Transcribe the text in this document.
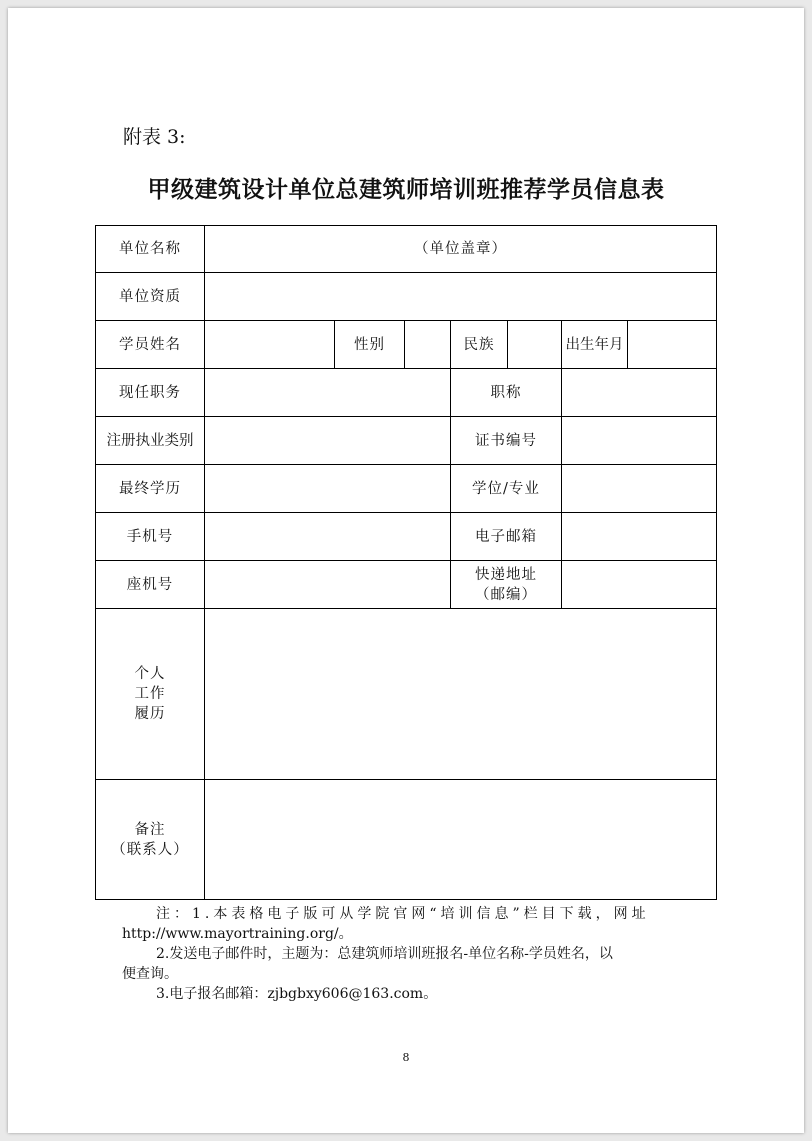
附表 3:
甲级建筑设计单位总建筑师培训班推荐学员信息表
单位名称	（单位盖章）						
单位资质							
学员姓名		性别		民族		出生年月	
现任职务				职称			
注册执业类别				证书编号			
最终学历				学位/专业			
手机号				电子邮箱			
座机号				快递地址
（邮编）			

个人
工作
履历							

备注
（联系人）							

注：1.本表格电子版可从学院官网“培训信息”栏目下载，网址

http://www.mayortraining.org/。

2.发送电子邮件时，主题为：总建筑师培训班报名-单位名称-学员姓名，以

便查询。

3.电子报名邮箱：zjbgbxy606@163.com。

8
